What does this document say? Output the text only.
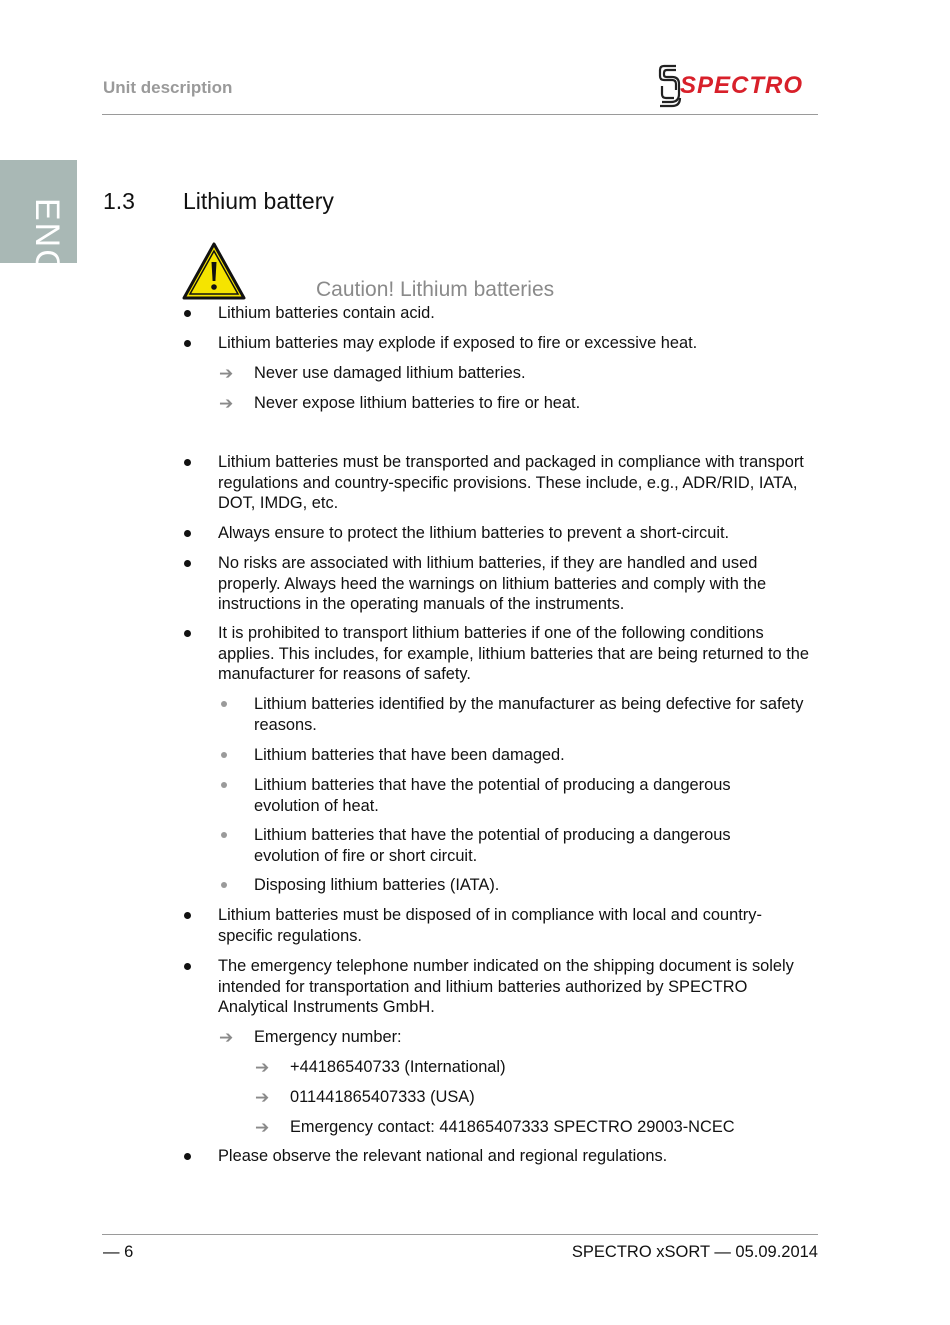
Unit description	SPECTRO
ENG 1.3 Lithium battery
Caution! Lithium batteries
Lithium batteries contain acid.
Lithium batteries may explode if exposed to fire or excessive heat.
➔ Never use damaged lithium batteries.
➔ Never expose lithium batteries to fire or heat.
Lithium batteries must be transported and packaged in compliance with transport regulations and country-specific provisions. These include, e.g., ADR/RID, IATA, DOT, IMDG, etc.
Always ensure to protect the lithium batteries to prevent a short-circuit.
No risks are associated with lithium batteries, if they are handled and used properly. Always heed the warnings on lithium batteries and comply with the instructions in the operating manuals of the instruments.
It is prohibited to transport lithium batteries if one of the following conditions applies. This includes, for example, lithium batteries that are being returned to the manufacturer for reasons of safety.
Lithium batteries identified by the manufacturer as being defective for safety reasons.
Lithium batteries that have been damaged.
Lithium batteries that have the potential of producing a dangerous evolution of heat.
Lithium batteries that have the potential of producing a dangerous evolution of fire or short circuit.
Disposing lithium batteries (IATA).
Lithium batteries must be disposed of in compliance with local and country-specific regulations.
The emergency telephone number indicated on the shipping document is solely intended for transportation and lithium batteries authorized by SPECTRO Analytical Instruments GmbH.
➔ Emergency number:
➔ +44186540733 (International)
➔ 011441865407333 (USA)
➔ Emergency contact: 441865407333 SPECTRO 29003-NCEC
Please observe the relevant national and regional regulations.
— 6	SPECTRO xSORT — 05.09.2014
